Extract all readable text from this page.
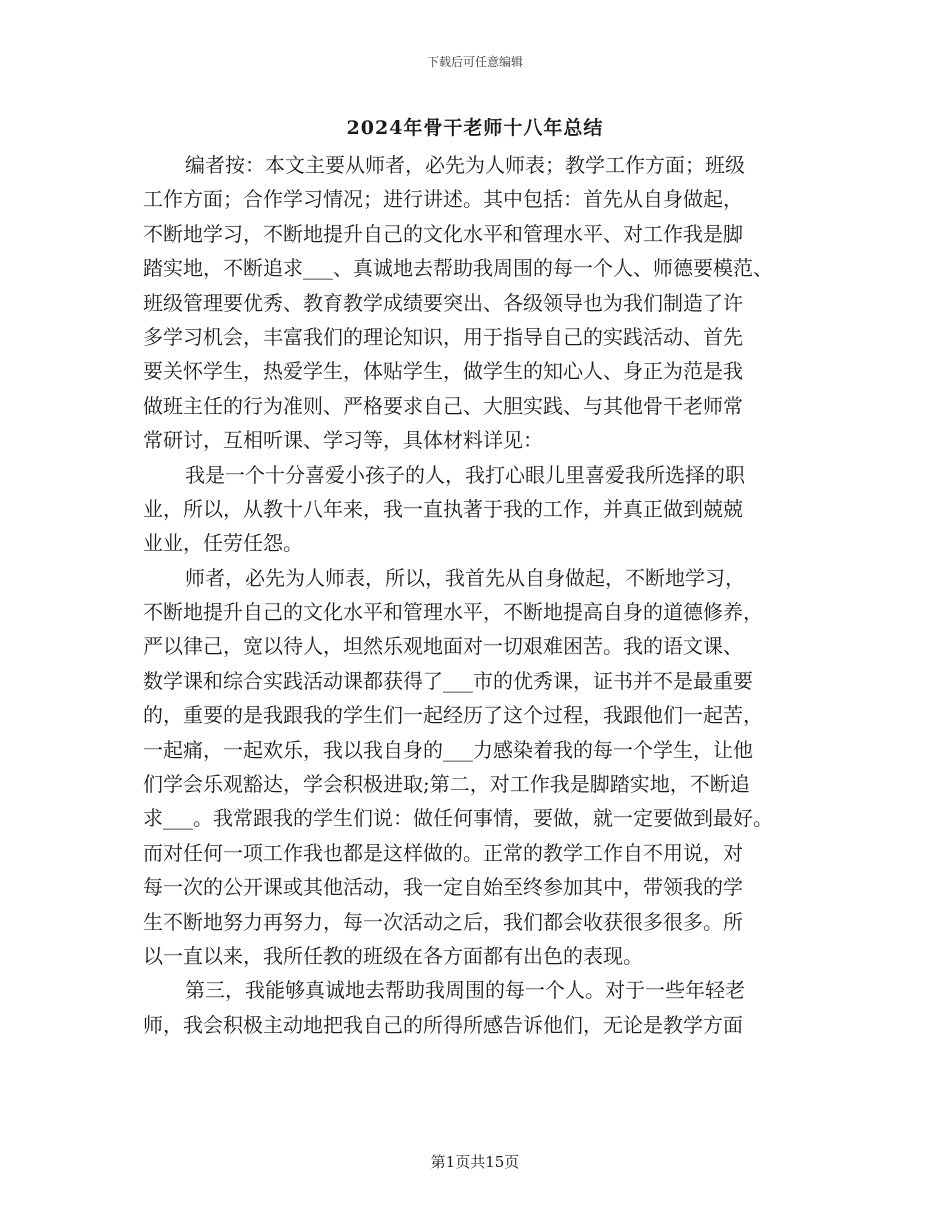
下载后可任意编辑
2024年骨干老师十八年总结
编者按：本文主要从师者，必先为人师表；教学工作方面；班级
工作方面；合作学习情况；进行讲述。其中包括：首先从自身做起，
不断地学习，不断地提升自己的文化水平和管理水平、对工作我是脚
踏实地，不断追求___、真诚地去帮助我周围的每一个人、师德要模范、
班级管理要优秀、教育教学成绩要突出、各级领导也为我们制造了许
多学习机会，丰富我们的理论知识，用于指导自己的实践活动、首先
要关怀学生，热爱学生，体贴学生，做学生的知心人、身正为范是我
做班主任的行为准则、严格要求自己、大胆实践、与其他骨干老师常
常研讨，互相听课、学习等，具体材料详见：
我是一个十分喜爱小孩子的人，我打心眼儿里喜爱我所选择的职
业，所以，从教十八年来，我一直执著于我的工作，并真正做到兢兢
业业，任劳任怨。
师者，必先为人师表，所以，我首先从自身做起，不断地学习，
不断地提升自己的文化水平和管理水平，不断地提高自身的道德修养，
严以律己，宽以待人，坦然乐观地面对一切艰难困苦。我的语文课、
数学课和综合实践活动课都获得了___市的优秀课，证书并不是最重要
的，重要的是我跟我的学生们一起经历了这个过程，我跟他们一起苦，
一起痛，一起欢乐，我以我自身的___力感染着我的每一个学生，让他
们学会乐观豁达，学会积极进取;第二，对工作我是脚踏实地，不断追
求___。我常跟我的学生们说：做任何事情，要做，就一定要做到最好。
而对任何一项工作我也都是这样做的。正常的教学工作自不用说，对
每一次的公开课或其他活动，我一定自始至终参加其中，带领我的学
生不断地努力再努力，每一次活动之后，我们都会收获很多很多。所
以一直以来，我所任教的班级在各方面都有出色的表现。
第三，我能够真诚地去帮助我周围的每一个人。对于一些年轻老
师，我会积极主动地把我自己的所得所感告诉他们，无论是教学方面
第1页共15页
